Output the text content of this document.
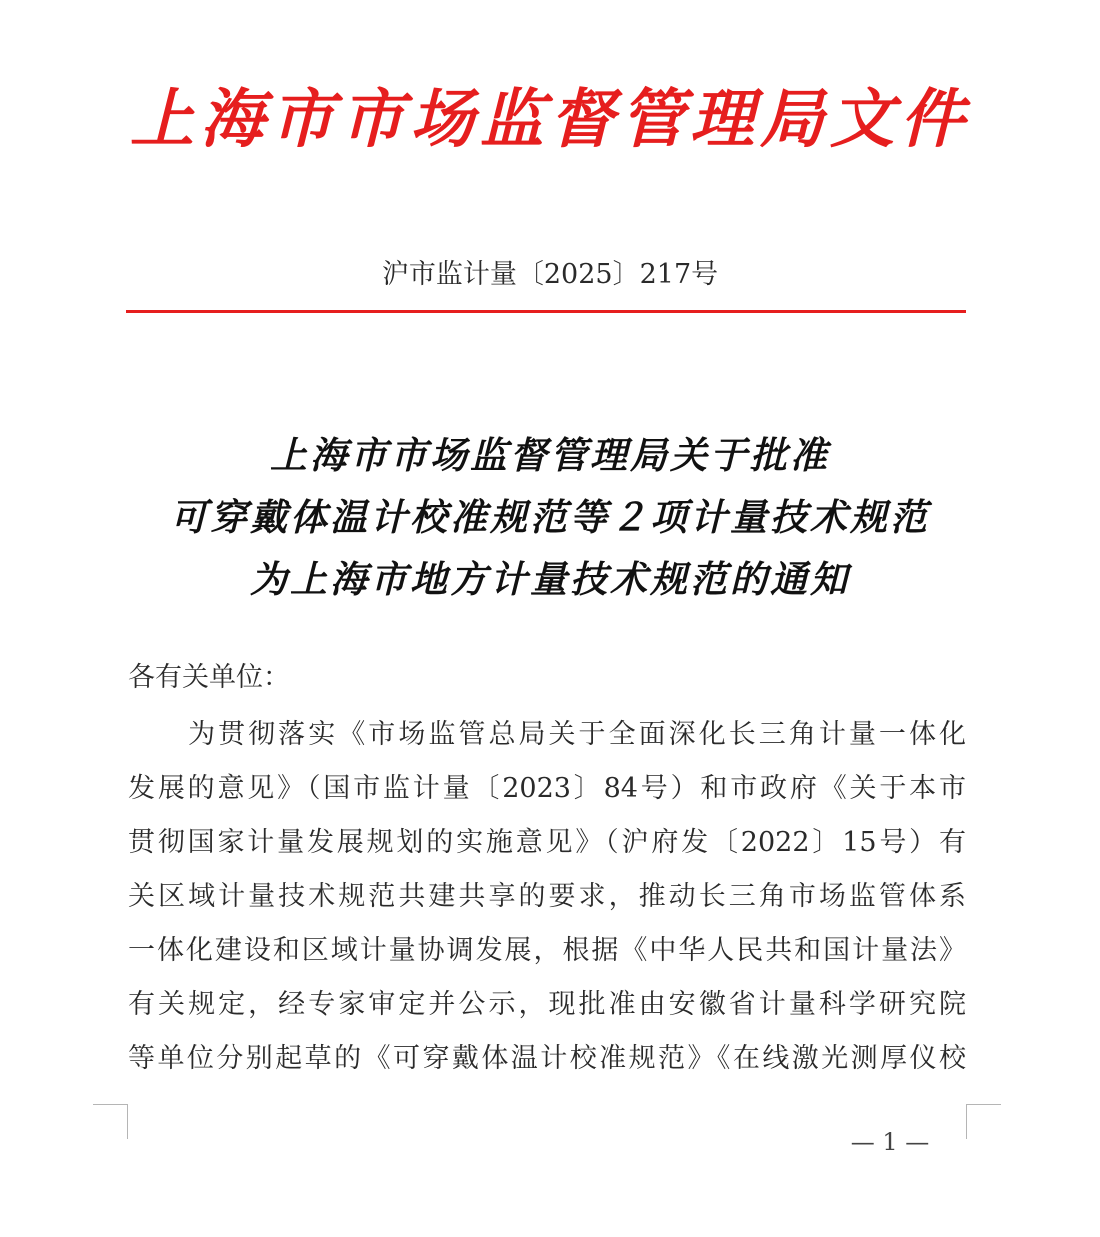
上海市市场监督管理局文件
沪市监计量〔2025〕217号
上海市市场监督管理局关于批准
可穿戴体温计校准规范等２项计量技术规范
为上海市地方计量技术规范的通知
各有关单位：
　　为贯彻落实《市场监管总局关于全面深化长三角计量一体化
发展的意见》（国市监计量〔2023〕84号）和市政府《关于本市
贯彻国家计量发展规划的实施意见》（沪府发〔2022〕15号）有
关区域计量技术规范共建共享的要求，推动长三角市场监管体系
一体化建设和区域计量协调发展，根据《中华人民共和国计量法》
有关规定，经专家审定并公示，现批准由安徽省计量科学研究院
等单位分别起草的《可穿戴体温计校准规范》《在线激光测厚仪校
— 1 —
